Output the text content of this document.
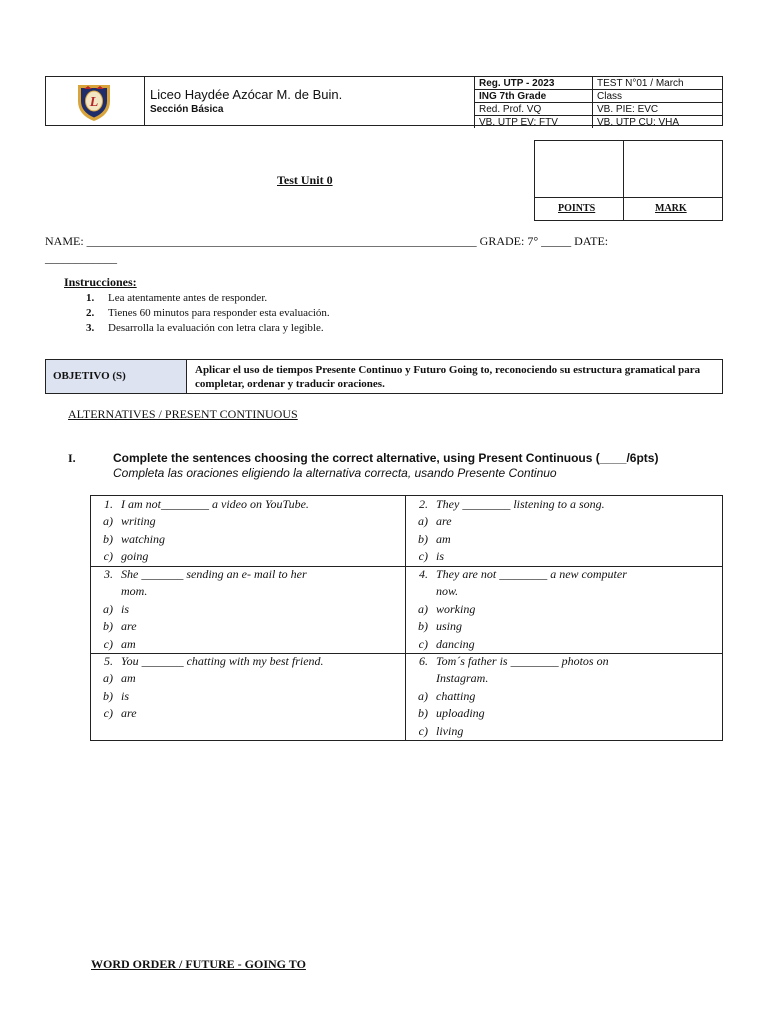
L
Liceo Haydée Azócar M. de Buin.
Sección Básica
Reg. UTP - 2023	TEST N°01 / March
ING 7th Grade	Class
Red. Prof. VQ	VB. PIE: EVC
VB. UTP EV: FTV	VB. UTP CU: VHA
Test Unit 0
POINTS	MARK
NAME: _________________________________________________________________ GRADE: 7° _____ DATE:
____________
Instrucciones:
1. Lea atentamente antes de responder.
2. Tienes 60 minutos para responder esta evaluación.
3. Desarrolla la evaluación con letra clara y legible.
OBJETIVO (S)	Aplicar el uso de tiempos Presente Continuo y Futuro Going to, reconociendo su estructura gramatical para completar, ordenar y traducir oraciones.
ALTERNATIVES / PRESENT CONTINUOUS
I.	Complete the sentences choosing the correct alternative, using Present Continuous (____/6pts)
Completa las oraciones eligiendo la alternativa correcta, usando Presente Continuo
1. I am not________ a video on YouTube.
a) writing
b) watching
c) going
2. They ________ listening to a song.
a) are
b) am
c) is
3. She _______ sending an e- mail to her
mom.
a) is
b) are
c) am
4. They are not ________ a new computer
now.
a) working
b) using
c) dancing
5. You _______ chatting with my best friend.
a) am
b) is
c) are
6. Tom´s father is ________ photos on
Instagram.
a) chatting
b) uploading
c) living
WORD ORDER / FUTURE - GOING TO
